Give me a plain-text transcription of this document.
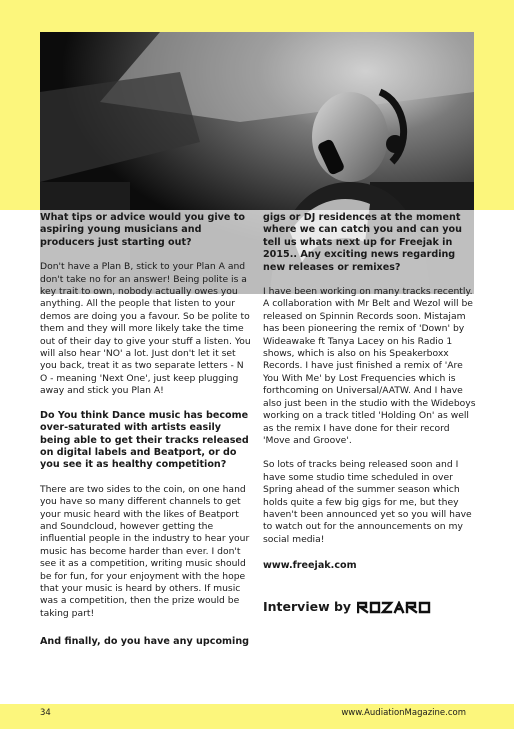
What tips or advice would you give to aspiring young musicians and producers just starting out?

Don't have a Plan B, stick to your Plan A and don't take no for an answer! Being polite is a key trait to own, nobody actually owes you anything. All the people that listen to your demos are doing you a favour. So be polite to them and they will more likely take the time out of their day to give your stuff a listen. You will also hear 'NO' a lot. Just don't let it set you back, treat it as two separate letters - N O - meaning 'Next One', just keep plugging away and stick you Plan A!

Do You think Dance music has become over-saturated with artists easily being able to get their tracks released on digital labels and Beatport, or do you see it as healthy competition?

There are two sides to the coin, on one hand you have so many different channels to get your music heard with the likes of Beatport and Soundcloud, however getting the influential people in the industry to hear your music has become harder than ever. I don't see it as a competition, writing music should be for fun, for your enjoyment with the hope that your music is heard by others. If music was a competition, then the prize would be taking part!

And finally, do you have any upcoming

gigs or DJ residences at the moment where we can catch you and can you tell us whats next up for Freejak in 2015.. Any exciting news regarding new releases or remixes?

I have been working on many tracks recently. A collaboration with Mr Belt and Wezol will be released on Spinnin Records soon. Mistajam has been pioneering the remix of 'Down' by Wideawake ft Tanya Lacey on his Radio 1 shows, which is also on his Speakerboxx Records. I have just finished a remix of 'Are You With Me' by Lost Frequencies which is forthcoming on Universal/AATW. And I have also just been in the studio with the Wideboys working on a track titled 'Holding On' as well as the remix I have done for their record 'Move and Groove'.

So lots of tracks being released soon and I have some studio time scheduled in over Spring ahead of the summer season which holds quite a few big gigs for me, but they haven't been announced yet so you will have to watch out for the announcements on my social media!

www.freejak.com

Interview by
34	www.AudiationMagazine.com
